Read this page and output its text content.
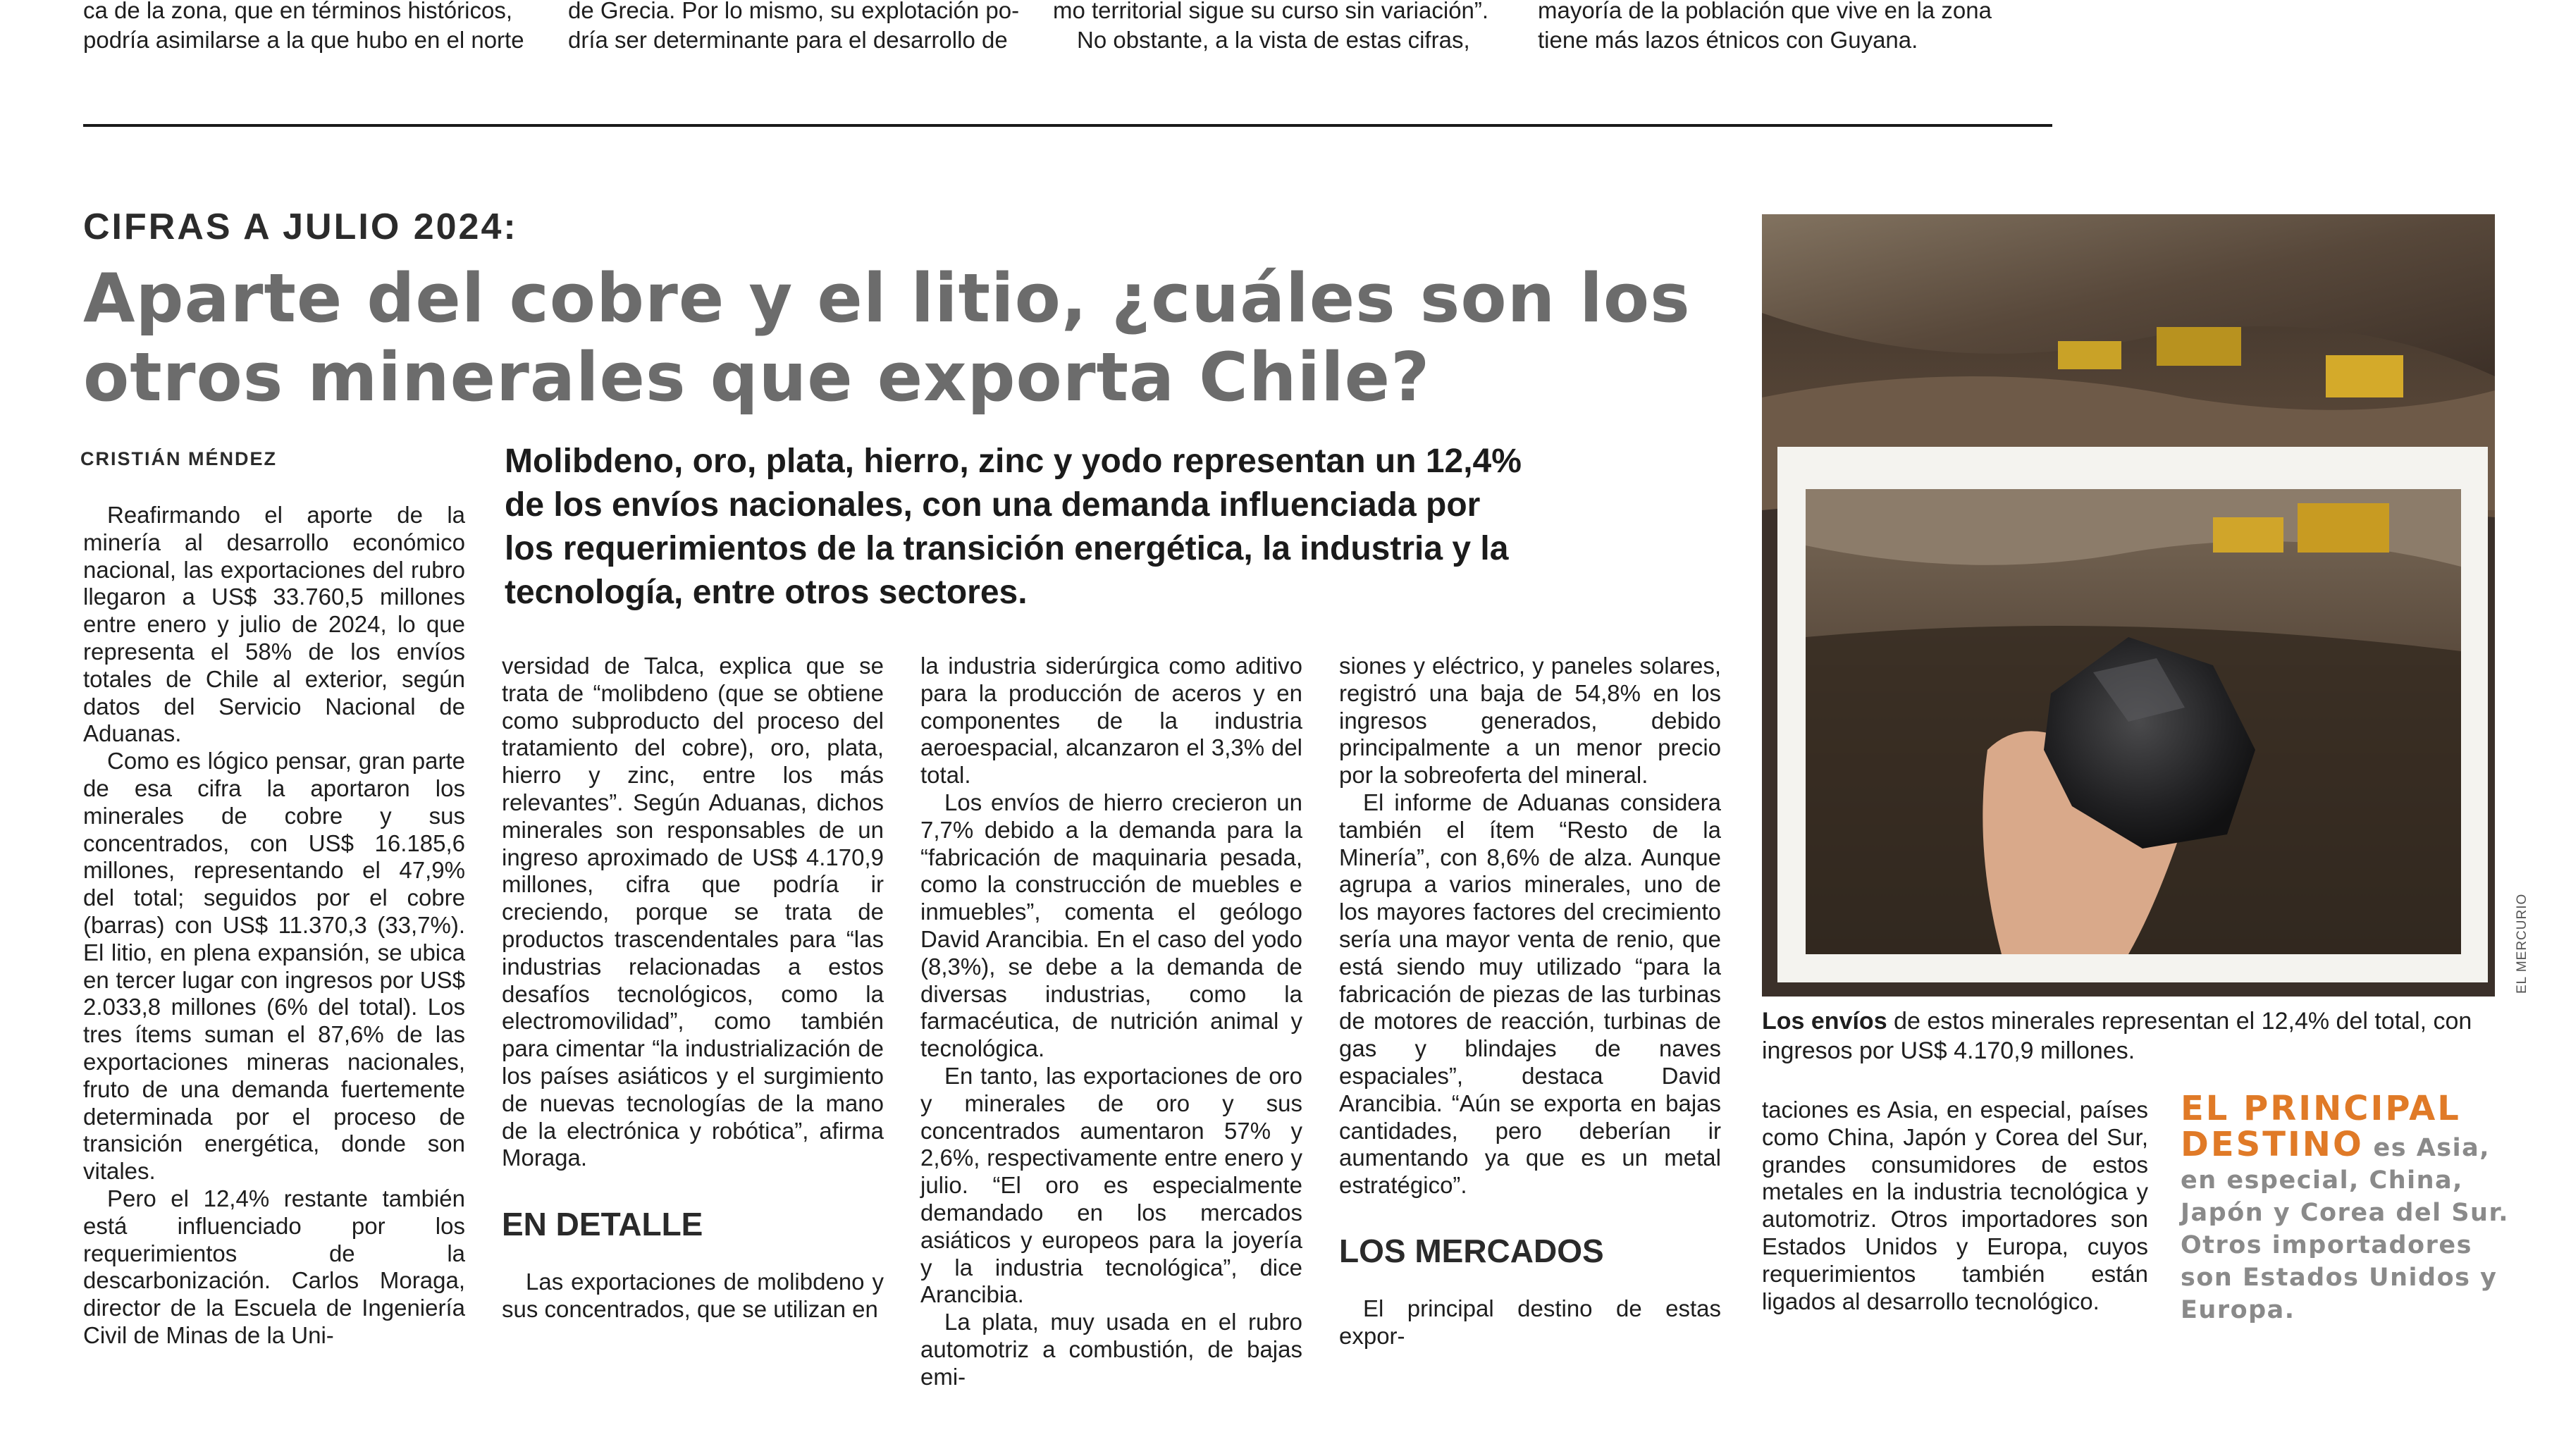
ca de la zona, que en términos históricos,
podría asimilarse a la que hubo en el norte
de Grecia. Por lo mismo, su explotación po-
dría ser determinante para el desarrollo de
mo territorial sigue su curso sin variación”.
No obstante, a la vista de estas cifras,
mayoría de la población que vive en la zona
tiene más lazos étnicos con Guyana.
CIFRAS A JULIO 2024:
Aparte del cobre y el litio, ¿cuáles son los
otros minerales que exporta Chile?
CRISTIÁN MÉNDEZ	Molibdeno, oro, plata, hierro, zinc y yodo representan un 12,4% de los envíos nacionales, con una demanda influenciada por los requerimientos de la transición energética, la industria y la tecnología, entre otros sectores.

Reafirmando el aporte de la minería al desarrollo económico nacional, las exportaciones del rubro llegaron a US$ 33.760,5 millones entre enero y julio de 2024, lo que representa el 58% de los envíos totales de Chile al exterior, según datos del Servicio Nacional de Aduanas.

Como es lógico pensar, gran parte de esa cifra la aportaron los minerales de cobre y sus concentrados, con US$ 16.185,6 millones, representando el 47,9% del total; seguidos por el cobre (barras) con US$ 11.370,3 (33,7%). El litio, en plena expansión, se ubica en tercer lugar con ingresos por US$ 2.033,8 millones (6% del total). Los tres ítems suman el 87,6% de las exportaciones mineras nacionales, fruto de una demanda fuertemente determinada por el proceso de transición energética, donde son vitales.

Pero el 12,4% restante también está influenciado por los requerimientos de la descarbonización. Carlos Moraga, director de la Escuela de Ingeniería Civil de Minas de la Uni-

versidad de Talca, explica que se trata de “molibdeno (que se obtiene como subproducto del proceso del tratamiento del cobre), oro, plata, hierro y zinc, entre los más relevantes”. Según Aduanas, dichos minerales son responsables de un ingreso aproximado de US$ 4.170,9 millones, cifra que podría ir creciendo, porque se trata de productos trascendentales para “las industrias relacionadas a estos desafíos tecnológicos, como la electromovilidad”, como también para cimentar “la industrialización de los países asiáticos y el surgimiento de nuevas tecnologías de la mano de la electrónica y robótica”, afirma Moraga.

EN DETALLE

Las exportaciones de molibdeno y sus concentrados, que se utilizan en

la industria siderúrgica como aditivo para la producción de aceros y en componentes de la industria aeroespacial, alcanzaron el 3,3% del total.

Los envíos de hierro crecieron un 7,7% debido a la demanda para la “fabricación de maquinaria pesada, como la construcción de muebles e inmuebles”, comenta el geólogo David Arancibia. En el caso del yodo (8,3%), se debe a la demanda de diversas industrias, como la farmacéutica, de nutrición animal y tecnológica.

En tanto, las exportaciones de oro y minerales de oro y sus concentrados aumentaron 57% y 2,6%, respectivamente entre enero y julio. “El oro es especialmente demandado en los mercados asiáticos y europeos para la joyería y la industria tecnológica”, dice Arancibia.

La plata, muy usada en el rubro automotriz a combustión, de bajas emi-

siones y eléctrico, y paneles solares, registró una baja de 54,8% en los ingresos generados, debido principalmente a un menor precio por la sobreoferta del mineral.

El informe de Aduanas considera también el ítem “Resto de la Minería”, con 8,6% de alza. Aunque agrupa a varios minerales, uno de los mayores factores del crecimiento sería una mayor venta de renio, que está siendo muy utilizado “para la fabricación de piezas de las turbinas de motores de reacción, turbinas de gas y blindajes de naves espaciales”, destaca David Arancibia. “Aún se exporta en bajas cantidades, pero deberían ir aumentando ya que es un metal estratégico”.

LOS MERCADOS

El principal destino de estas expor-

EL MERCURIO
Los envíos de estos minerales representan el 12,4% del total, con ingresos por US$ 4.170,9 millones.

taciones es Asia, en especial, países como China, Japón y Corea del Sur, grandes consumidores de estos metales en la industria tecnológica y automotriz. Otros importadores son Estados Unidos y Europa, cuyos requerimientos también están ligados al desarrollo tecnológico.

EL PRINCIPAL
DESTINO es Asia, en especial, China, Japón y Corea del Sur. Otros importadores son Estados Unidos y Europa.
